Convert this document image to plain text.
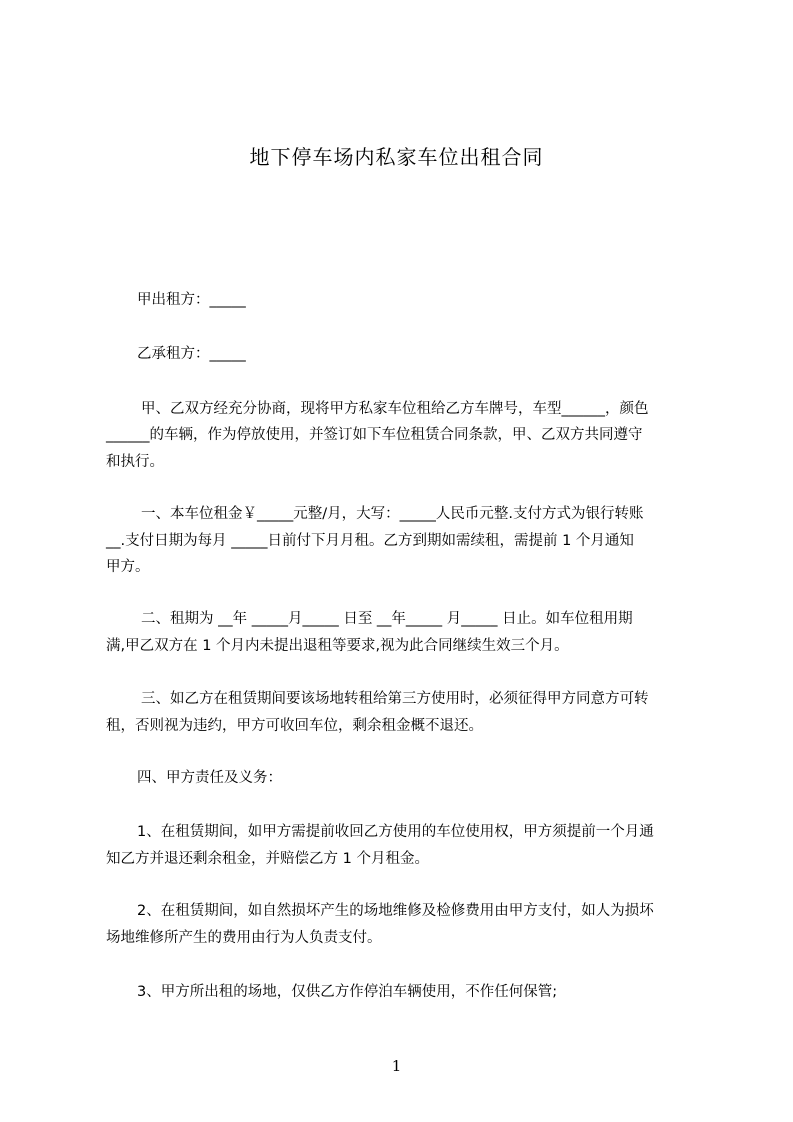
地下停车场内私家车位出租合同
甲出租方：_____
乙承租方：_____
甲、乙双方经充分协商，现将甲方私家车位租给乙方车牌号，车型______，颜色
______的车辆，作为停放使用，并签订如下车位租赁合同条款，甲、乙双方共同遵守
和执行。
一、本车位租金￥_____元整/月，大写：_____人民币元整.支付方式为银行转账
__.支付日期为每月 _____日前付下月月租。乙方到期如需续租，需提前 1 个月通知
甲方。
二、租期为 __年 _____月_____ 日至 __年_____ 月_____ 日止。如车位租用期
满,甲乙双方在 1 个月内未提出退租等要求,视为此合同继续生效三个月。
三、如乙方在租赁期间要该场地转租给第三方使用时，必须征得甲方同意方可转
租，否则视为违约，甲方可收回车位，剩余租金概不退还。
四、甲方责任及义务：
1、在租赁期间，如甲方需提前收回乙方使用的车位使用权，甲方须提前一个月通
知乙方并退还剩余租金，并赔偿乙方 1 个月租金。
2、在租赁期间，如自然损坏产生的场地维修及检修费用由甲方支付，如人为损坏
场地维修所产生的费用由行为人负责支付。
3、甲方所出租的场地，仅供乙方作停泊车辆使用，不作任何保管;
1
